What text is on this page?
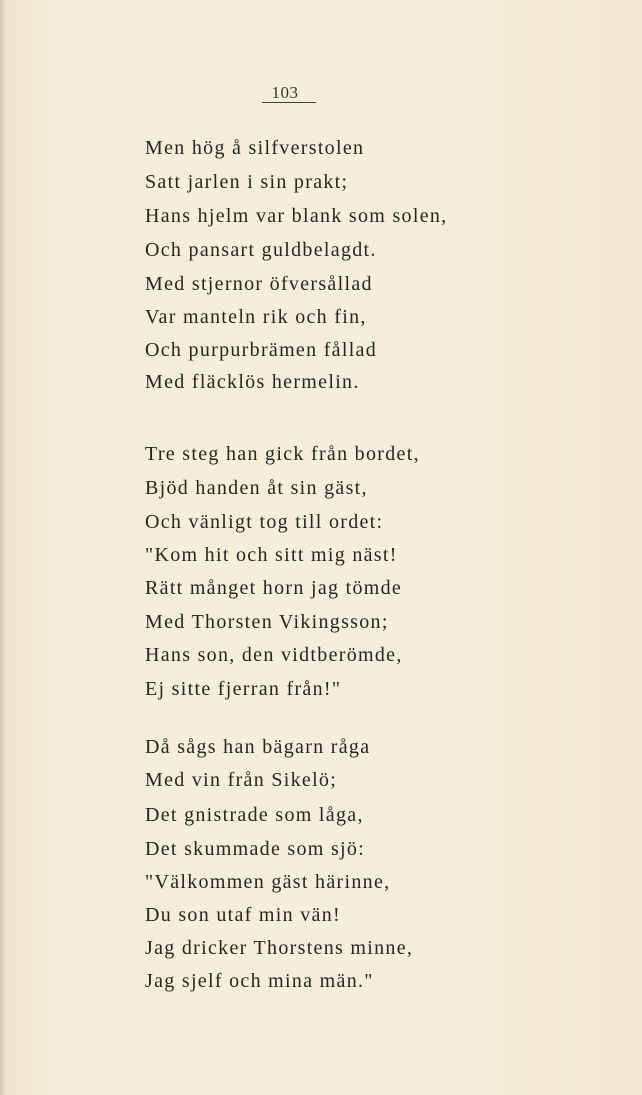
103
Men hög å silfverstolen
Satt jarlen i sin prakt;
Hans hjelm var blank som solen,
Och pansart guldbelagdt.
Med stjernor öfversållad
Var manteln rik och fin,
Och purpurbrämen fållad
Med fläcklös hermelin.
Tre steg han gick från bordet,
Bjöd handen åt sin gäst,
Och vänligt tog till ordet:
"Kom hit och sitt mig näst!
Rätt månget horn jag tömde
Med Thorsten Vikingsson;
Hans son, den vidtberömde,
Ej sitte fjerran från!"
Då sågs han bägarn råga
Med vin från Sikelö;
Det gnistrade som låga,
Det skummade som sjö:
"Välkommen gäst härinne,
Du son utaf min vän!
Jag dricker Thorstens minne,
Jag sjelf och mina män."
